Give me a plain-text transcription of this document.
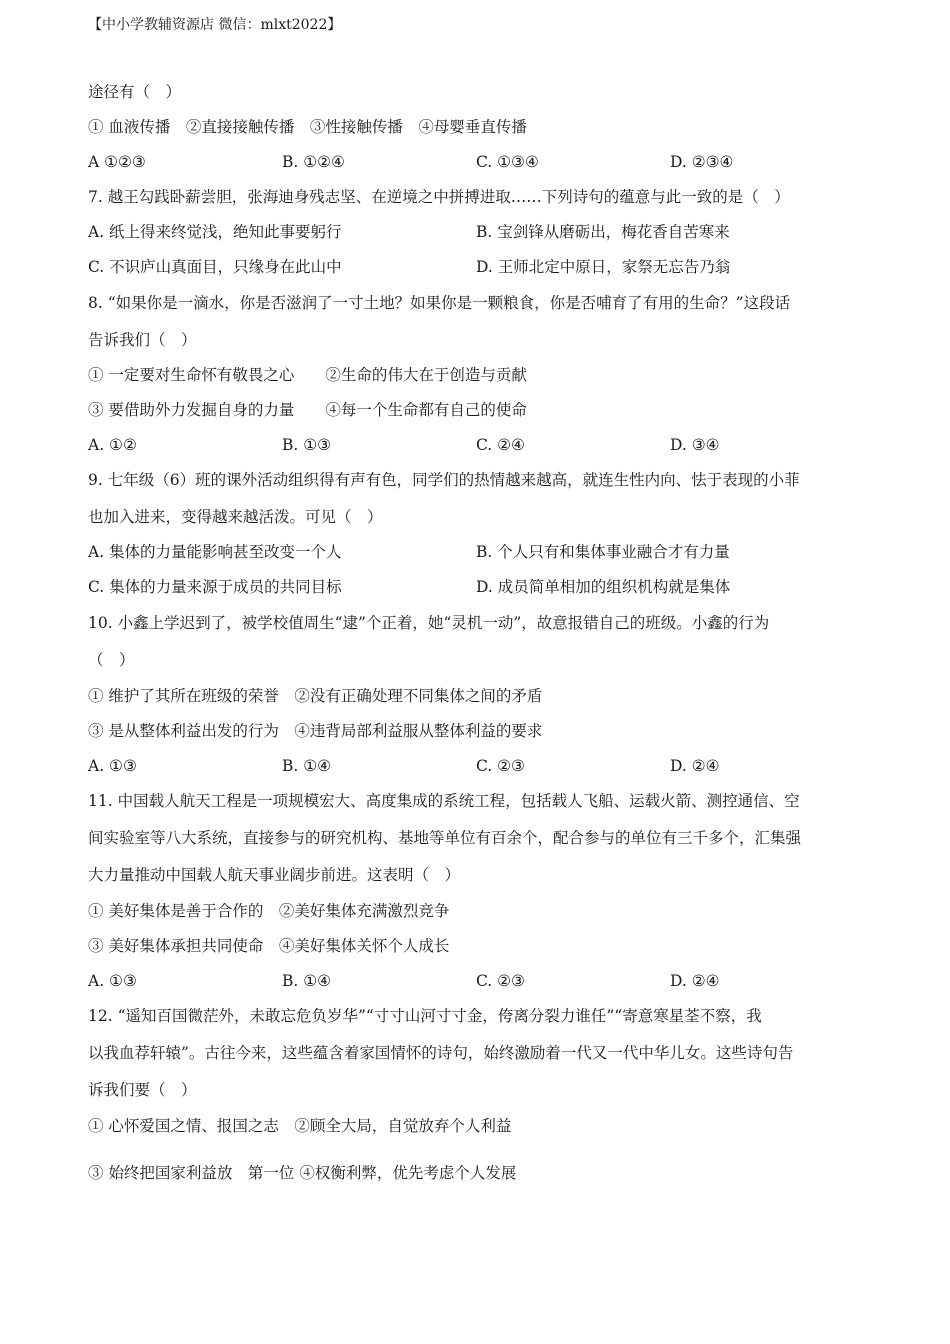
【中小学教辅资源店 微信：mlxt2022】
途径有（　）
① 血液传播　②直接接触传播　③性接触传播　④母婴垂直传播
A ①②③	B. ①②④	C. ①③④	D. ②③④
7. 越王勾践卧薪尝胆，张海迪身残志坚、在逆境之中拼搏进取……下列诗句的蕴意与此一致的是（　）
A. 纸上得来终觉浅，绝知此事要躬行	B. 宝剑锋从磨砺出，梅花香自苦寒来
C. 不识庐山真面目，只缘身在此山中	D. 王师北定中原日，家祭无忘告乃翁
8. “如果你是一滴水，你是否滋润了一寸土地？如果你是一颗粮食，你是否哺育了有用的生命？”这段话
告诉我们（　）
① 一定要对生命怀有敬畏之心　　②生命的伟大在于创造与贡献
③ 要借助外力发掘自身的力量　　④每一个生命都有自己的使命
A. ①②	B. ①③	C. ②④	D. ③④
9. 七年级（6）班的课外活动组织得有声有色，同学们的热情越来越高，就连生性内向、怯于表现的小菲
也加入进来，变得越来越活泼。可见（　）
A. 集体的力量能影响甚至改变一个人	B. 个人只有和集体事业融合才有力量
C. 集体的力量来源于成员的共同目标	D. 成员简单相加的组织机构就是集体
10. 小鑫上学迟到了，被学校值周生“逮”个正着，她“灵机一动”，故意报错自己的班级。小鑫的行为
（　）
① 维护了其所在班级的荣誉　②没有正确处理不同集体之间的矛盾
③ 是从整体利益出发的行为　④违背局部利益服从整体利益的要求
A. ①③	B. ①④	C. ②③	D. ②④
11. 中国载人航天工程是一项规模宏大、高度集成的系统工程，包括载人飞船、运载火箭、测控通信、空
间实验室等八大系统，直接参与的研究机构、基地等单位有百余个，配合参与的单位有三千多个，汇集强
大力量推动中国载人航天事业阔步前进。这表明（　）
① 美好集体是善于合作的　②美好集体充满激烈竞争
③ 美好集体承担共同使命　④美好集体关怀个人成长
A. ①③	B. ①④	C. ②③	D. ②④
12. “遥知百国微茫外，未敢忘危负岁华”“寸寸山河寸寸金，侉离分裂力谁任”“寄意寒星荃不察，我
以我血荐轩辕”。古往今来，这些蕴含着家国情怀的诗句，始终激励着一代又一代中华儿女。这些诗句告
诉我们要（　）
① 心怀爱国之情、报国之志　②顾全大局，自觉放弃个人利益
③ 始终把国家利益放　第一位 ④权衡利弊，优先考虑个人发展
